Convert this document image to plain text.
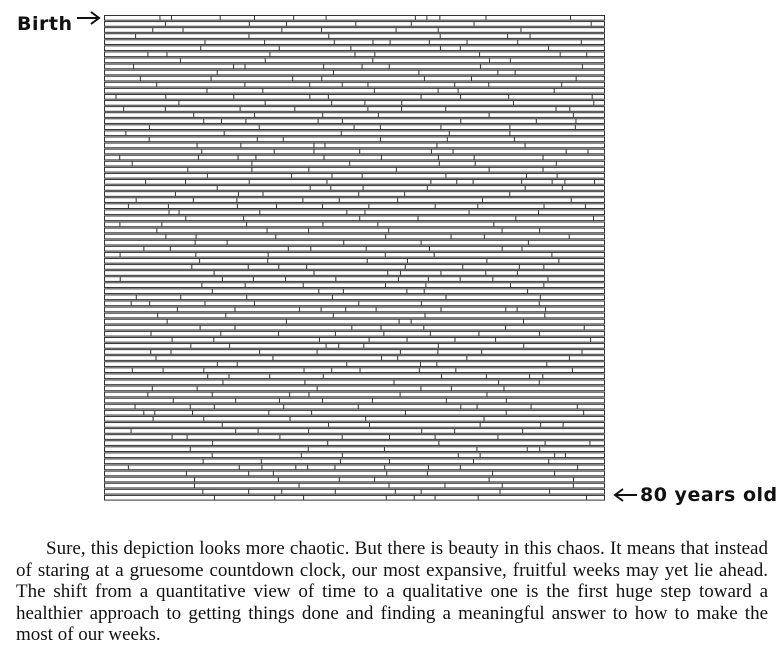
Birth
80 years old

Sure, this depiction looks more chaotic. But there is beauty in this chaos. It means that instead of staring at a gruesome countdown clock, our most expansive, fruitful weeks may yet lie ahead. The shift from a quantitative view of time to a qualitative one is the first huge step toward a healthier approach to getting things done and finding a meaningful answer to how to make the most of our weeks.
